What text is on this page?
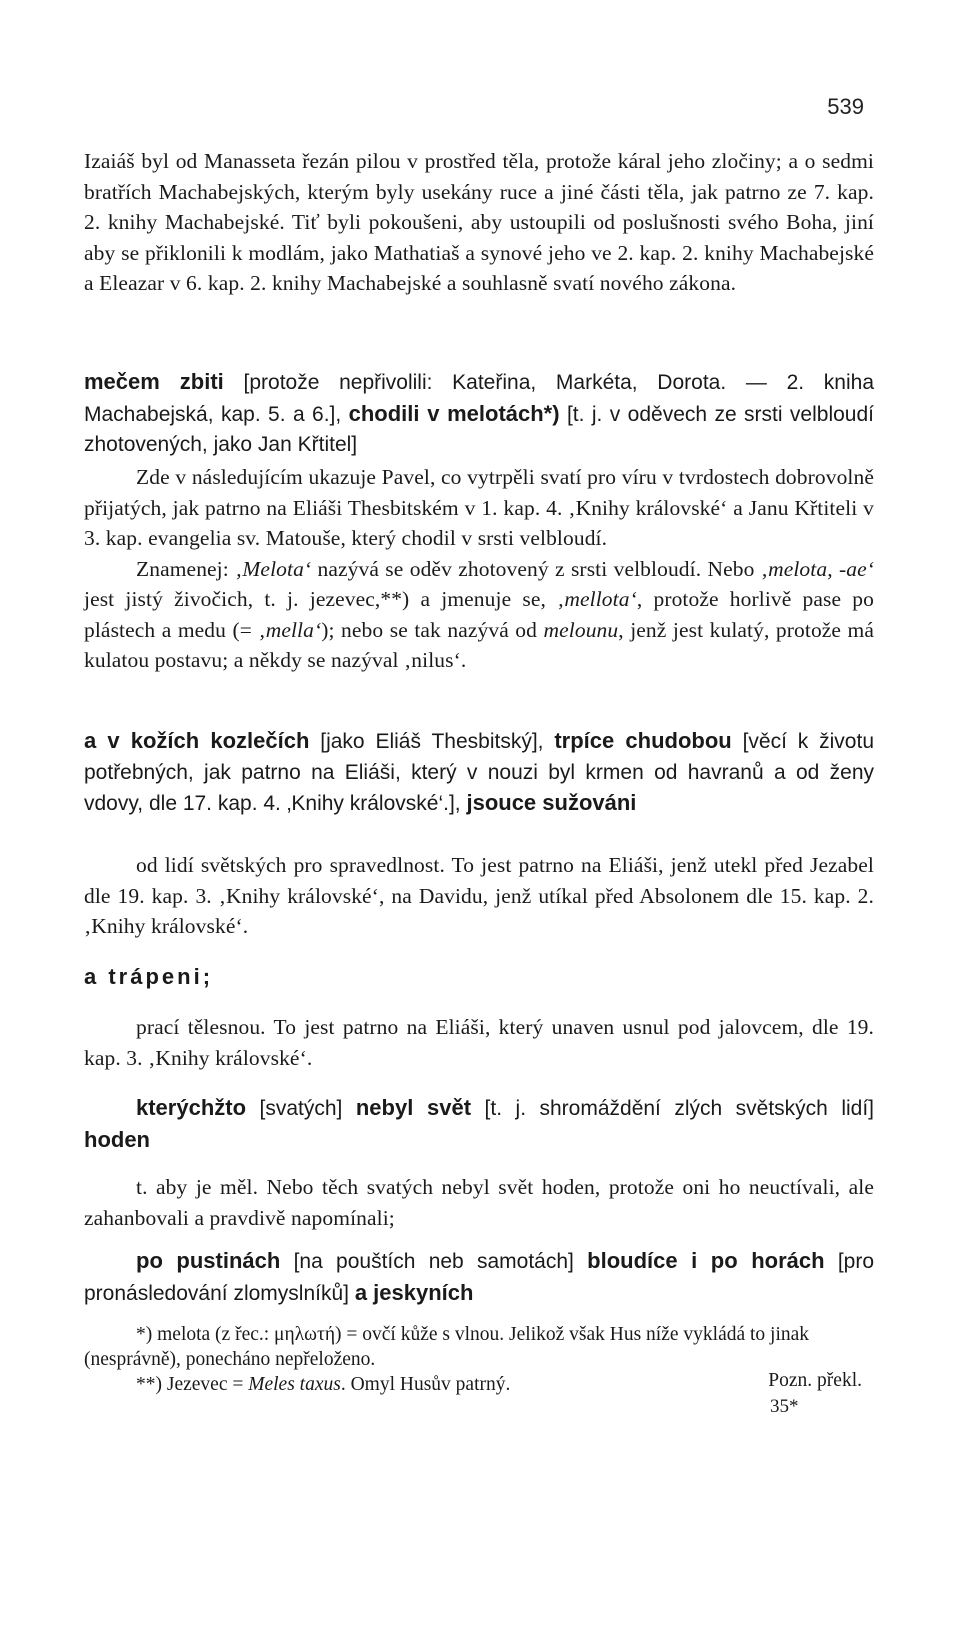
539

Izaiáš byl od Manasseta řezán pilou v prostřed těla, protože káral jeho zločiny; a o sedmi bratřích Machabejských, kterým byly usekány ruce a jiné části těla, jak patrno ze 7. kap. 2. knihy Machabejské. Tiť byli pokoušeni, aby ustoupili od poslušnosti svého Boha, jiní aby se přiklonili k modlám, jako Mathatiaš a synové jeho ve 2. kap. 2. knihy Machabejské a Eleazar v 6. kap. 2. knihy Machabejské a souhlasně svatí nového zákona.

mečem zbiti [protože nepřivolili: Kateřina, Markéta, Dorota. — 2. kniha Machabejská, kap. 5. a 6.], chodili v melotách*) [t. j. v oděvech ze srsti velbloudí zhotovených, jako Jan Křtitel]

Zde v následujícím ukazuje Pavel, co vytrpěli svatí pro víru v tvrdostech dobrovolně přijatých, jak patrno na Eliáši Thesbitském v 1. kap. 4. ‚Knihy královské‘ a Janu Křtiteli v 3. kap. evangelia sv. Matouše, který chodil v srsti velbloudí.

Znamenej: ‚Melota‘ nazývá se oděv zhotovený z srsti velbloudí. Nebo ‚melota, -ae‘ jest jistý živočich, t. j. jezevec,**) a jmenuje se, ‚mellota‘, protože horlivě pase po plástech a medu (= ‚mella‘); nebo se tak nazývá od melounu, jenž jest kulatý, protože má kulatou postavu; a někdy se nazýval ‚nilus‘.

a v kožích kozlečích [jako Eliáš Thesbitský], trpíce chudobou [věcí k životu potřebných, jak patrno na Eliáši, který v nouzi byl krmen od havranů a od ženy vdovy, dle 17. kap. 4. ‚Knihy královské‘.], jsouce sužováni

od lidí světských pro spravedlnost. To jest patrno na Eliáši, jenž utekl před Jezabel dle 19. kap. 3. ‚Knihy královské‘, na Davidu, jenž utíkal před Absolonem dle 15. kap. 2. ‚Knihy královské‘.

a trápeni;

prací tělesnou. To jest patrno na Eliáši, který unaven usnul pod jalovcem, dle 19. kap. 3. ‚Knihy královské‘.

kterýchžto [svatých] nebyl svět [t. j. shromáždění zlých světských lidí] hoden

t. aby je měl. Nebo těch svatých nebyl svět hoden, protože oni ho neuctívali, ale zahanbovali a pravdivě napomínali;

po pustinách [na pouštích neb samotách] bloudíce i po horách [pro pronásledování zlomyslníků] a jeskyních

*) melota (z řec.: μηλωτή) = ovčí kůže s vlnou. Jelikož však Hus níže vykládá to jinak (nesprávně), ponecháno nepřeloženo.

**) Jezevec = Meles taxus. Omyl Husův patrný.	Pozn. překl.
35*
